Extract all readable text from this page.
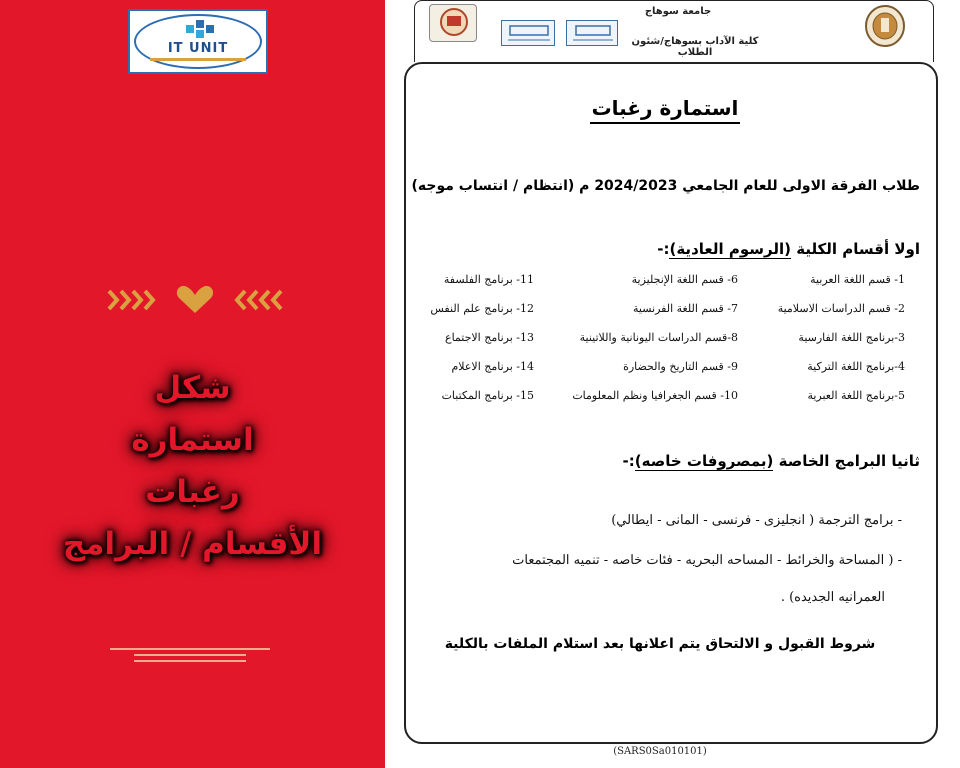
IT UNIT
شكل
استمارة
رغبات
الأقسام / البرامج
جامعة سوهاج
كلية الآداب بسوهاج/شئون الطلاب
استمارة رغبات
طلاب الفرقة الاولى للعام الجامعي 2024/2023 م (انتظام / انتساب موجه)
اولا أقسام الكلية (الرسوم العادية):-
1- قسم اللغة العربية
2- قسم الدراسات الاسلامية
3-برنامج اللغة الفارسية
4-برنامج اللغة التركية
5-برنامج اللغة العبرية
6- قسم اللغة الإنجليزية
7- قسم اللغة الفرنسية
8-قسم الدراسات اليونانية واللاتينية
9- قسم التاريخ والحضارة
10- قسم الجغرافيا ونظم المعلومات
11- برنامج الفلسفة
12- برنامج علم النفس
13- برنامج الاجتماع
14- برنامج الاعلام
15- برنامج المكتبات
ثانيا البرامج الخاصة (بمصروفات خاصه):-
- برامج الترجمة ( انجليزى - فرنسى - المانى - ايطالي)
- ( المساحة والخرائط - المساحه البحريه - فئات خاصه - تنميه المجتمعات
العمرانيه الجديده) .
شروط القبول و الالتحاق يتم اعلانها بعد استلام الملفات بالكلية
(SARS0Sa010101)
